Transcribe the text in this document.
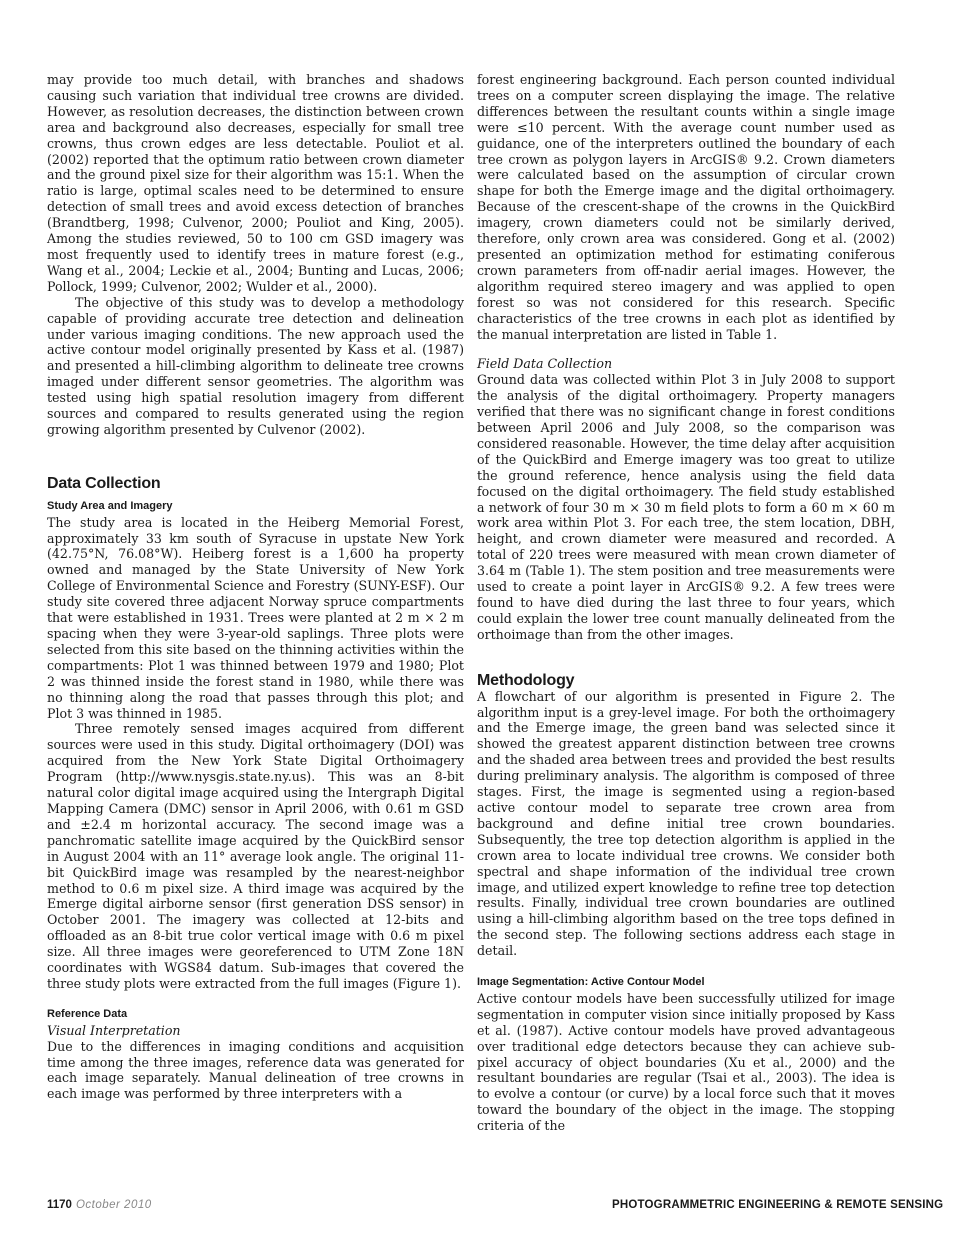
may provide too much detail, with branches and shadows causing such variation that individual tree crowns are divided. However, as resolution decreases, the distinction between crown area and background also decreases, especially for small tree crowns, thus crown edges are less detectable. Pouliot et al. (2002) reported that the optimum ratio between crown diameter and the ground pixel size for their algorithm was 15:1. When the ratio is large, optimal scales need to be determined to ensure detection of small trees and avoid excess detection of branches (Brandtberg, 1998; Culvenor, 2000; Pouliot and King, 2005). Among the studies reviewed, 50 to 100 cm GSD imagery was most frequently used to identify trees in mature forest (e.g., Wang et al., 2004; Leckie et al., 2004; Bunting and Lucas, 2006; Pollock, 1999; Culvenor, 2002; Wulder et al., 2000).

The objective of this study was to develop a methodology capable of providing accurate tree detection and delineation under various imaging conditions. The new approach used the active contour model originally presented by Kass et al. (1987) and presented a hill-climbing algorithm to delineate tree crowns imaged under different sensor geometries. The algorithm was tested using high spatial resolution imagery from different sources and compared to results generated using the region growing algorithm presented by Culvenor (2002).

Data Collection
Study Area and Imagery

The study area is located in the Heiberg Memorial Forest, approximately 33 km south of Syracuse in upstate New York (42.75°N, 76.08°W). Heiberg forest is a 1,600 ha property owned and managed by the State University of New York College of Environmental Science and Forestry (SUNY-ESF). Our study site covered three adjacent Norway spruce compartments that were established in 1931. Trees were planted at 2 m × 2 m spacing when they were 3-year-old saplings. Three plots were selected from this site based on the thinning activities within the compartments: Plot 1 was thinned between 1979 and 1980; Plot 2 was thinned inside the forest stand in 1980, while there was no thinning along the road that passes through this plot; and Plot 3 was thinned in 1985.

Three remotely sensed images acquired from different sources were used in this study. Digital orthoimagery (DOI) was acquired from the New York State Digital Orthoimagery Program (http://www.nysgis.state.ny.us). This was an 8-bit natural color digital image acquired using the Intergraph Digital Mapping Camera (DMC) sensor in April 2006, with 0.61 m GSD and ±2.4 m horizontal accuracy. The second image was a panchromatic satellite image acquired by the QuickBird sensor in August 2004 with an 11° average look angle. The original 11-bit QuickBird image was resampled by the nearest-neighbor method to 0.6 m pixel size. A third image was acquired by the Emerge digital airborne sensor (first generation DSS sensor) in October 2001. The imagery was collected at 12-bits and offloaded as an 8-bit true color vertical image with 0.6 m pixel size. All three images were georeferenced to UTM Zone 18N coordinates with WGS84 datum. Sub-images that covered the three study plots were extracted from the full images (Figure 1).

Reference Data
Visual Interpretation

Due to the differences in imaging conditions and acquisition time among the three images, reference data was generated for each image separately. Manual delineation of tree crowns in each image was performed by three interpreters with a

forest engineering background. Each person counted individual trees on a computer screen displaying the image. The relative differences between the resultant counts within a single image were ≤10 percent. With the average count number used as guidance, one of the interpreters outlined the boundary of each tree crown as polygon layers in ArcGIS® 9.2. Crown diameters were calculated based on the assumption of circular crown shape for both the Emerge image and the digital orthoimagery. Because of the crescent-shape of the crowns in the QuickBird imagery, crown diameters could not be similarly derived, therefore, only crown area was considered. Gong et al. (2002) presented an optimization method for estimating coniferous crown parameters from off-nadir aerial images. However, the algorithm required stereo imagery and was applied to open forest so was not considered for this research. Specific characteristics of the tree crowns in each plot as identified by the manual interpretation are listed in Table 1.

Field Data Collection

Ground data was collected within Plot 3 in July 2008 to support the analysis of the digital orthoimagery. Property managers verified that there was no significant change in forest conditions between April 2006 and July 2008, so the comparison was considered reasonable. However, the time delay after acquisition of the QuickBird and Emerge imagery was too great to utilize the ground reference, hence analysis using the field data focused on the digital orthoimagery. The field study established a network of four 30 m × 30 m field plots to form a 60 m × 60 m work area within Plot 3. For each tree, the stem location, DBH, height, and crown diameter were measured and recorded. A total of 220 trees were measured with mean crown diameter of 3.64 m (Table 1). The stem position and tree measurements were used to create a point layer in ArcGIS® 9.2. A few trees were found to have died during the last three to four years, which could explain the lower tree count manually delineated from the orthoimage than from the other images.

Methodology

A flowchart of our algorithm is presented in Figure 2. The algorithm input is a grey-level image. For both the orthoimagery and the Emerge image, the green band was selected since it showed the greatest apparent distinction between tree crowns and the shaded area between trees and provided the best results during preliminary analysis. The algorithm is composed of three stages. First, the image is segmented using a region-based active contour model to separate tree crown area from background and define initial tree crown boundaries. Subsequently, the tree top detection algorithm is applied in the crown area to locate individual tree crowns. We consider both spectral and shape information of the individual tree crown image, and utilized expert knowledge to refine tree top detection results. Finally, individual tree crown boundaries are outlined using a hill-climbing algorithm based on the tree tops defined in the second step. The following sections address each stage in detail.

Image Segmentation: Active Contour Model

Active contour models have been successfully utilized for image segmentation in computer vision since initially proposed by Kass et al. (1987). Active contour models have proved advantageous over traditional edge detectors because they can achieve sub-pixel accuracy of object boundaries (Xu et al., 2000) and the resultant boundaries are regular (Tsai et al., 2003). The idea is to evolve a contour (or curve) by a local force such that it moves toward the boundary of the object in the image. The stopping criteria of the

1170 October 2010	PHOTOGRAMMETRIC ENGINEERING & REMOTE SENSING
